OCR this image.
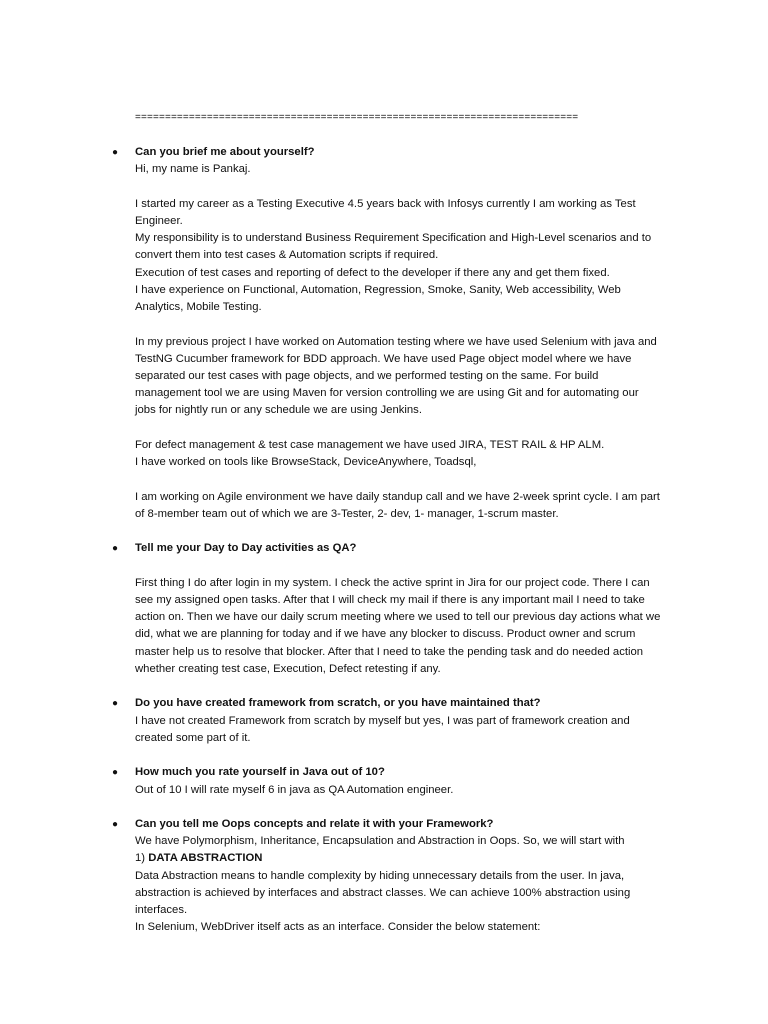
==========================================================================
● Can you brief me about yourself?
Hi, my name is Pankaj.
I started my career as a Testing Executive 4.5 years back with Infosys currently I am working as Test
Engineer.
My responsibility is to understand Business Requirement Specification and High-Level scenarios and to
convert them into test cases & Automation scripts if required.
Execution of test cases and reporting of defect to the developer if there any and get them fixed.
I have experience on Functional, Automation, Regression, Smoke, Sanity, Web accessibility, Web
Analytics, Mobile Testing.
In my previous project I have worked on Automation testing where we have used Selenium with java and
TestNG Cucumber framework for BDD approach. We have used Page object model where we have
separated our test cases with page objects, and we performed testing on the same. For build
management tool we are using Maven for version controlling we are using Git and for automating our
jobs for nightly run or any schedule we are using Jenkins.
For defect management & test case management we have used JIRA, TEST RAIL & HP ALM.
I have worked on tools like BrowseStack, DeviceAnywhere, Toadsql,
I am working on Agile environment we have daily standup call and we have 2-week sprint cycle. I am part
of 8-member team out of which we are 3-Tester, 2- dev, 1- manager, 1-scrum master.
● Tell me your Day to Day activities as QA?
First thing I do after login in my system. I check the active sprint in Jira for our project code. There I can
see my assigned open tasks. After that I will check my mail if there is any important mail I need to take
action on. Then we have our daily scrum meeting where we used to tell our previous day actions what we
did, what we are planning for today and if we have any blocker to discuss. Product owner and scrum
master help us to resolve that blocker. After that I need to take the pending task and do needed action
whether creating test case, Execution, Defect retesting if any.
● Do you have created framework from scratch, or you have maintained that?
I have not created Framework from scratch by myself but yes, I was part of framework creation and
created some part of it.
● How much you rate yourself in Java out of 10?
Out of 10 I will rate myself 6 in java as QA Automation engineer.
● Can you tell me Oops concepts and relate it with your Framework?
We have Polymorphism, Inheritance, Encapsulation and Abstraction in Oops. So, we will start with
1) DATA ABSTRACTION
Data Abstraction means to handle complexity by hiding unnecessary details from the user. In java,
abstraction is achieved by interfaces and abstract classes. We can achieve 100% abstraction using
interfaces.
In Selenium, WebDriver itself acts as an interface. Consider the below statement:
